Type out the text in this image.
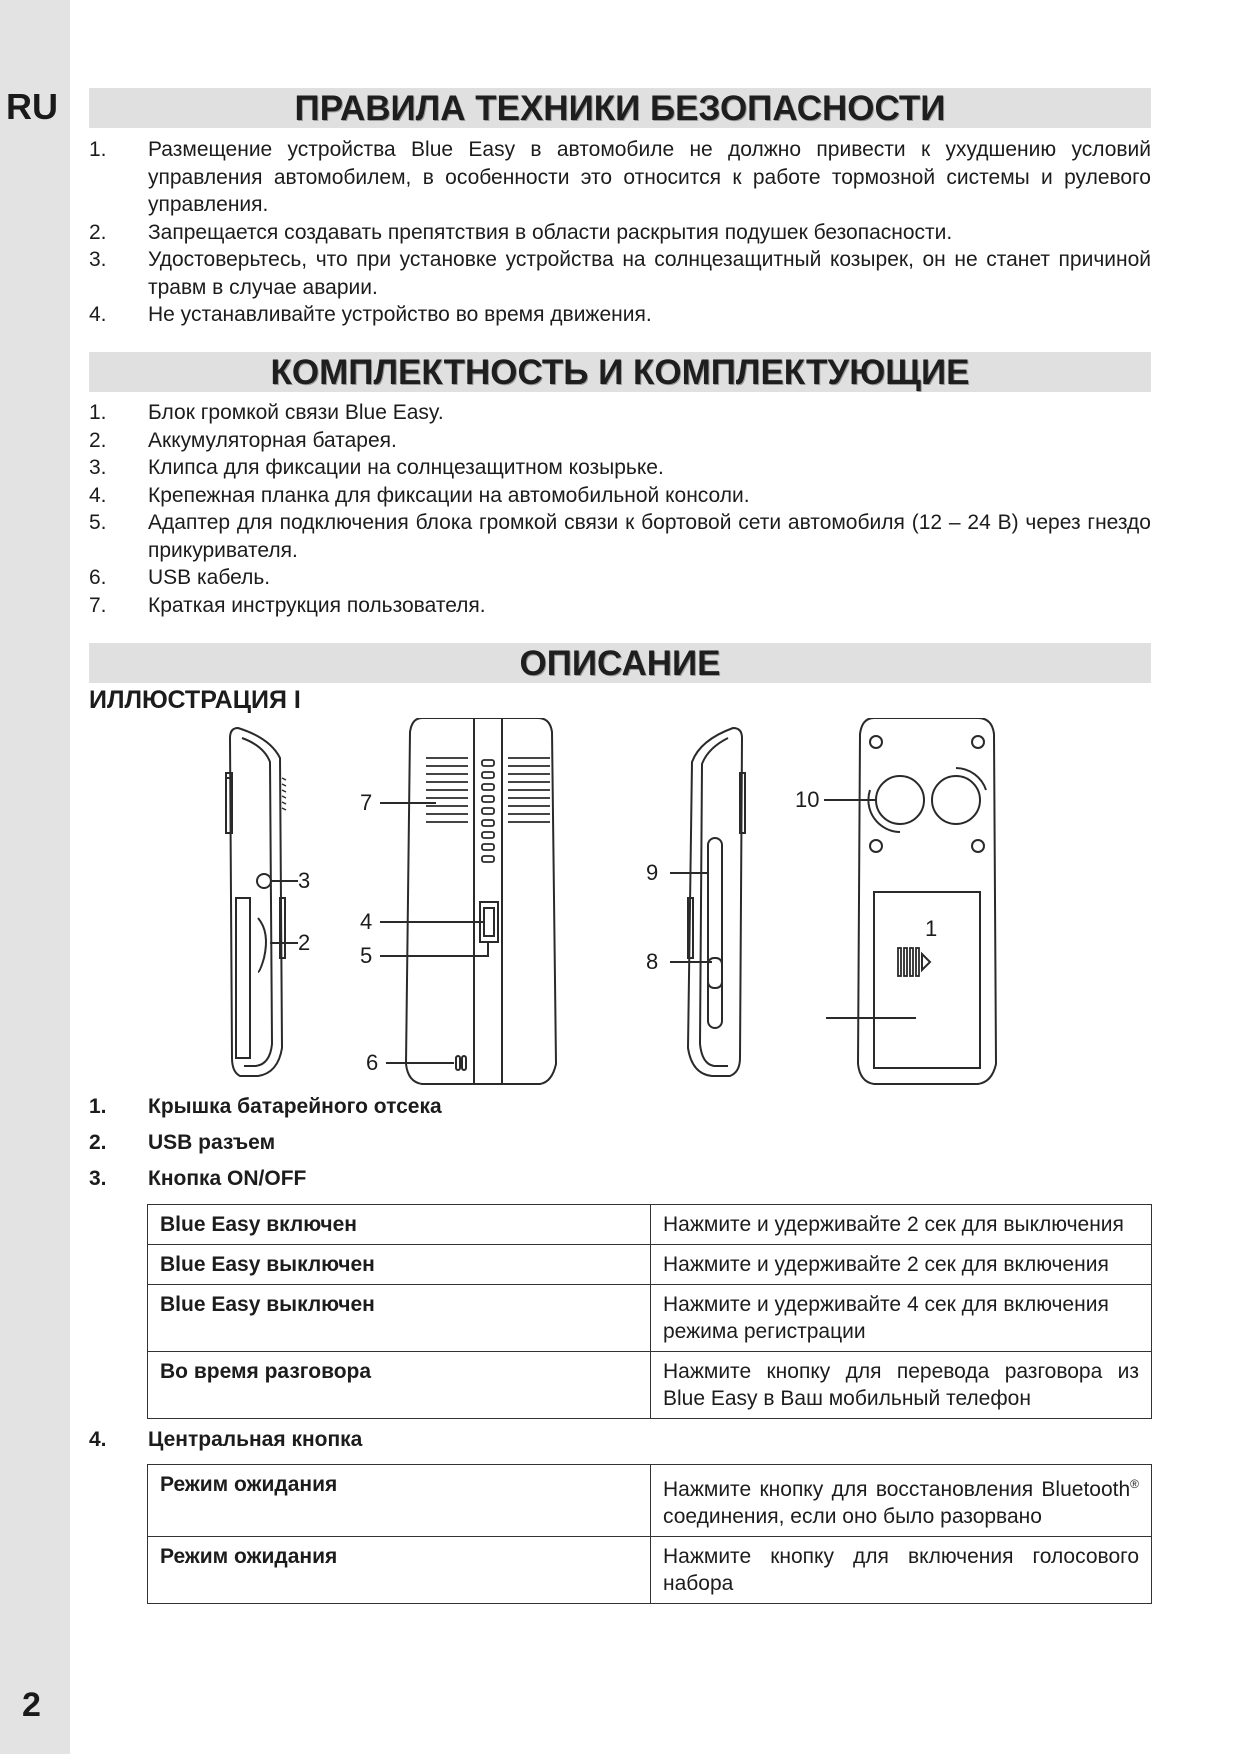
RU
2
ПРАВИЛА ТЕХНИКИ БЕЗОПАСНОСТИ
1. Размещение устройства Blue Easy в автомобиле не должно привести к ухудшению условий управления автомобилем, в особенности это относится к работе тормозной системы и рулевого управления.
2. Запрещается создавать препятствия в области раскрытия подушек безопасности.
3. Удостоверьтесь, что при установке устройства на солнцезащитный козырек, он не станет причиной травм в случае аварии.
4. Не устанавливайте устройство во время движения.
КОМПЛЕКТНОСТЬ И КОМПЛЕКТУЮЩИЕ
1. Блок громкой связи Blue Easy.
2. Аккумуляторная батарея.
3. Клипса для фиксации на солнцезащитном козырьке.
4. Крепежная планка для фиксации на автомобильной консоли.
5. Адаптер для подключения блока громкой связи к бортовой сети автомобиля (12 – 24 В) через гнездо прикуривателя.
6. USB кабель.
7. Краткая инструкция пользователя.
ОПИСАНИЕ
ИЛЛЮСТРАЦИЯ I
1
2
3
4
5
6
7
8
9
10
1. Крышка батарейного отсека
2. USB разъем
3. Кнопка ON/OFF
Blue Easy включен	Нажмите и удерживайте 2 сек для выключения
Blue Easy выключен	Нажмите и удерживайте 2 сек для включения
Blue Easy выключен	Нажмите и удерживайте 4 сек для включения режима регистрации
Во время разговора	Нажмите кнопку для перевода разговора из Blue Easy в Ваш мобильный телефон
4. Центральная кнопка
Режим ожидания	Нажмите кнопку для восстановления Bluetooth® соединения, если оно было разорвано
Режим ожидания	Нажмите кнопку для включения голосового набора
